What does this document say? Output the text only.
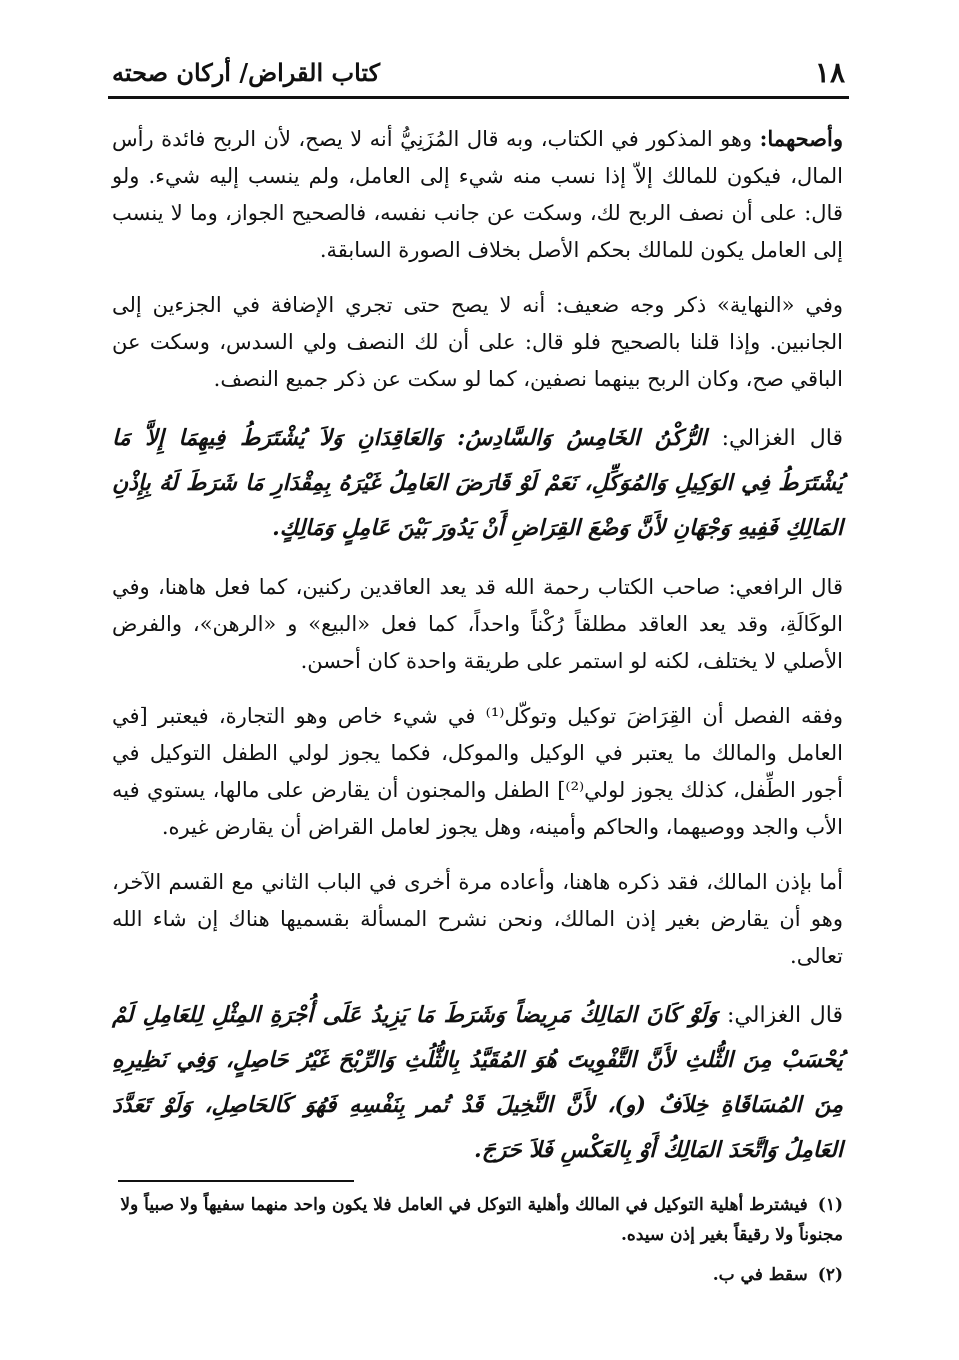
١٨
كتاب القراض/ أركان صحته

وأصحهما: وهو المذكور في الكتاب، وبه قال المُزَنِيُّ أنه لا يصح، لأن الربح فائدة رأس المال، فيكون للمالك إلاّ إذا نسب منه شيء إلى العامل، ولم ينسب إليه شيء. ولو قال: على أن نصف الربح لك، وسكت عن جانب نفسه، فالصحيح الجواز، وما لا ينسب إلى العامل يكون للمالك بحكم الأصل بخلاف الصورة السابقة.

وفي «النهاية» ذكر وجه ضعيف: أنه لا يصح حتى تجري الإضافة في الجزءين إلى الجانبين. وإذا قلنا بالصحيح فلو قال: على أن لك النصف ولي السدس، وسكت عن الباقي صح، وكان الربح بينهما نصفين، كما لو سكت عن ذكر جميع النصف.

قال الغزالي: الرُّكْنُ الخَامِسُ وَالسَّادِسُ: وَالعَاقِدَانِ وَلاَ يُشْتَرَطُ فِيهِمَا إِلاَّ مَا يُشْتَرَطُ فِي الوَكِيلِ وَالمُوَكِّلِ، نَعَمْ لَوْ قَارَضَ العَامِلُ غَيْرَهُ بِمِقْدَارِ مَا شَرَطَ لَهُ بِإِذْنِ المَالِكِ فَفِيهِ وَجْهَانِ لأَنَّ وَضْعَ القِرَاضِ أَنْ يَدُورَ بَيْنَ عَامِلٍ وَمَالِكٍ.

قال الرافعي: صاحب الكتاب رحمة الله قد يعد العاقدين ركنين، كما فعل هاهنا، وفي الوكَالَةِ، وقد يعد العاقد مطلقاً رُكْناً واحداً، كما فعل «البيع» و «الرهن»، والفرض الأصلي لا يختلف، لكنه لو استمر على طريقة واحدة كان أحسن.

وفقه الفصل أن القِرَاضَ توكيل وتوكّل⁽¹⁾ في شيء خاص وهو التجارة، فيعتبر [في العامل والمالك ما يعتبر في الوكيل والموكل، فكما يجوز لولي الطفل التوكيل في أجور الطِّفل، كذلك يجوز لولي⁽²⁾] الطفل والمجنون أن يقارض على مالها، يستوي فيه الأب والجد ووصيهما، والحاكم وأمينه، وهل يجوز لعامل القراض أن يقارض غيره.

أما بإذن المالك، فقد ذكره هاهنا، وأعاده مرة أخرى في الباب الثاني مع القسم الآخر، وهو أن يقارض بغير إذن المالك، ونحن نشرح المسألة بقسميها هناك إن شاء الله تعالى.

قال الغزالي: وَلَوْ كَانَ المَالِكُ مَرِيضاً وَشَرَطَ مَا يَزِيدُ عَلَى أُجْرَةِ المِثْلِ لِلعَامِلِ لَمْ يُحْسَبْ مِنَ الثُّلثِ لأَنَّ التَّفْوِيتَ هُوَ المُقَيَّدُ بِالثُّلُثِ وَالرِّبْحَ غَيْرُ حَاصِلٍ، وَفِي نَظِيرِهِ مِنَ المُسَاقَاةِ خِلاَفٌ (و)، لأَنَّ النَّخِيلَ قَدْ تُمر بِنَفْسِهِ فَهُوَ كَالحَاصِلِ، وَلَوْ تَعَدَّدَ العَامِلُ وَاتَّحَدَ المَالِكُ أَوْ بِالعَكْسِ فَلاَ حَرَجَ.

(١)فيشترط أهلية التوكيل في المالك وأهلية التوكل في العامل فلا يكون واحد منهما سفيهاً ولا صبياً ولا مجنوناً ولا رقيقاً بغير إذن سيده.

(٢)سقط في ب.
